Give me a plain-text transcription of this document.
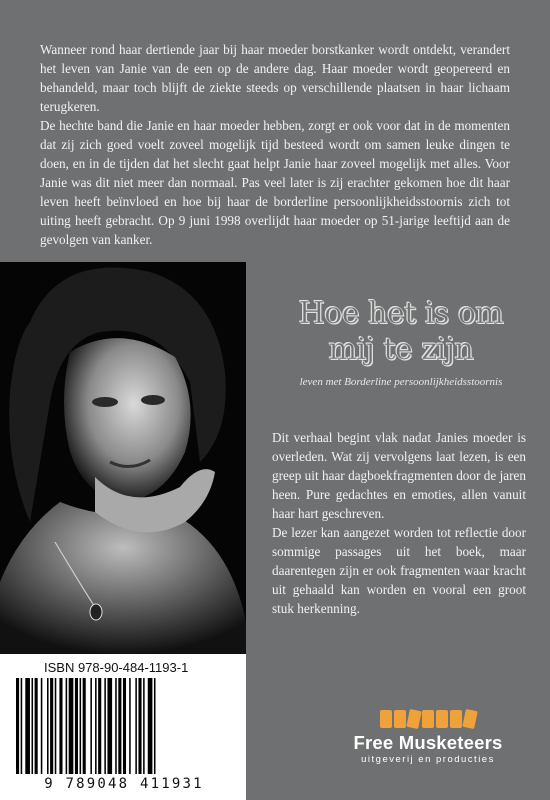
Wanneer rond haar dertiende jaar bij haar moeder borstkanker wordt ontdekt, verandert het leven van Janie van de een op de andere dag. Haar moeder wordt geopereerd en behandeld, maar toch blijft de ziekte steeds op verschillende plaatsen in haar lichaam terugkeren.

De hechte band die Janie en haar moeder hebben, zorgt er ook voor dat in de momenten dat zij zich goed voelt zoveel mogelijk tijd besteed wordt om samen leuke dingen te doen, en in de tijden dat het slecht gaat helpt Janie haar zoveel mogelijk met alles. Voor Janie was dit niet meer dan normaal. Pas veel later is zij erachter gekomen hoe dit haar leven heeft beïnvloed en hoe bij haar de borderline persoonlijkheidsstoornis zich tot uiting heeft gebracht. Op 9 juni 1998 overlijdt haar moeder op 51-jarige leeftijd aan de gevolgen van kanker.

Hoe het is om
mij te zijn
leven met Borderline persoonlijkheidsstoornis

Dit verhaal begint vlak nadat Janies moeder is overleden. Wat zij vervolgens laat lezen, is een greep uit haar dagboekfragmenten door de jaren heen. Pure gedachtes en emoties, allen vanuit haar hart geschreven.

De lezer kan aangezet worden tot reflectie door sommige passages uit het boek, maar daarentegen zijn er ook fragmenten waar kracht uit gehaald kan worden en vooral een groot stuk herkenning.

ISBN 978-90-484-1193-1
9 789048 411931
Free Musketeers
uitgeverij en producties
